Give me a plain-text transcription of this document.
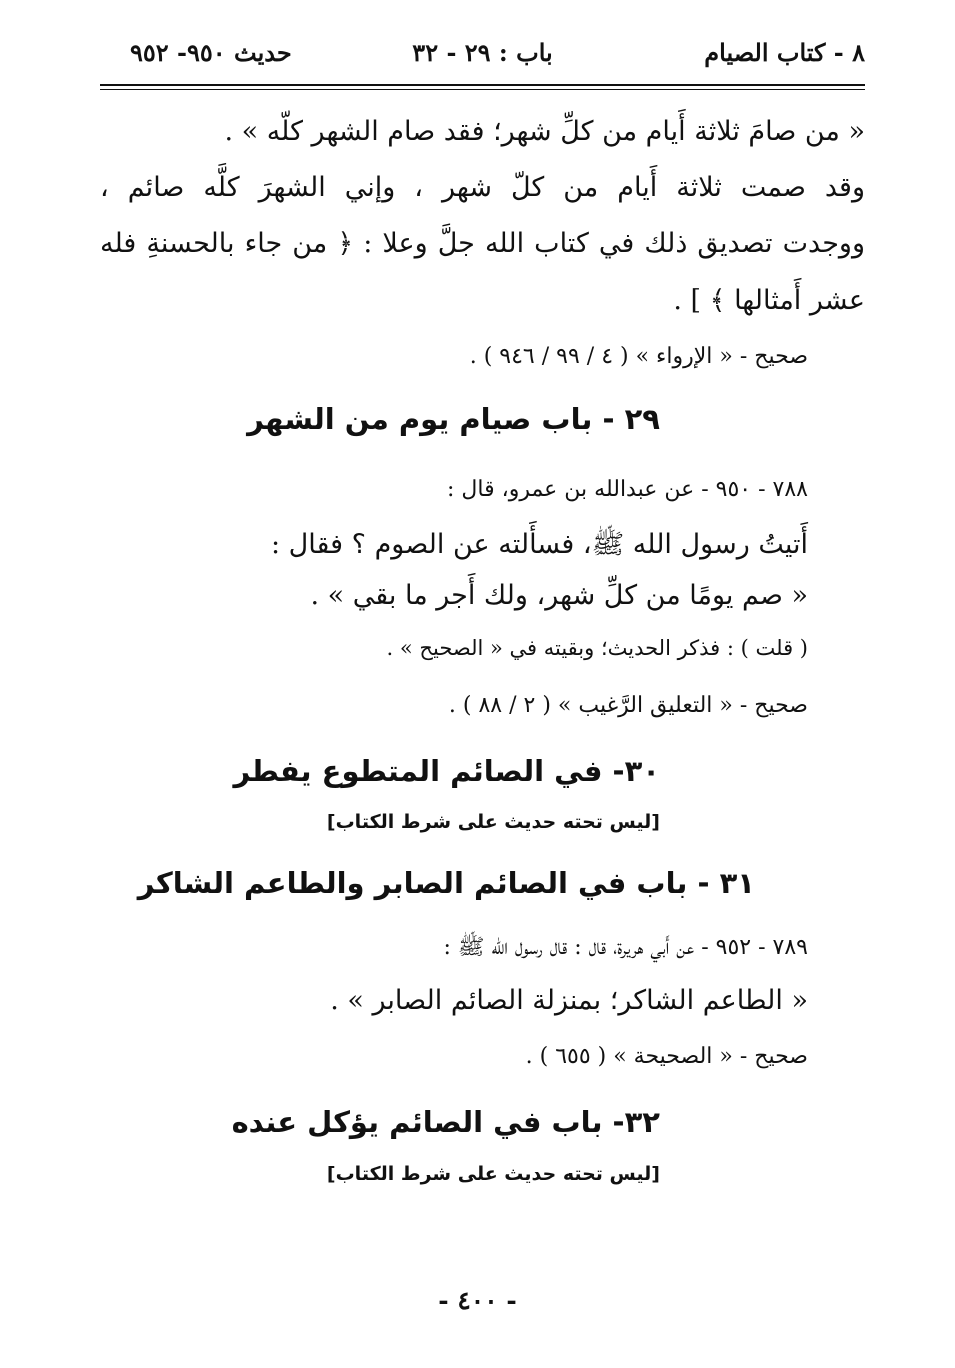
٨ - كتاب الصيام
باب : ٢٩ - ٣٢
حديث ٩٥٠- ٩٥٢
« من صامَ ثلاثة أَيام من كلِّ شهر؛ فقد صام الشهر كلّه » .
وقد صمت ثلاثة أَيام من كلّ شهر ، وإني الشهرَ كلَّه صائم ،
ووجدت تصديق ذلك في كتاب الله جلَّ وعلا : ﴿ من جاء بالحسنةِ فله
عشر أَمثالها ﴾ ] .
صحيح - « الإرواء » ( ٤ / ٩٩ / ٩٤٦ ) .
٢٩ - باب صيام يوم من الشهر
٧٨٨ - ٩٥٠ - عن عبدالله بن عمرو، قال :
أَتيتُ رسول الله ﷺ، فسأَلته عن الصوم ؟ فقال :
« صم يومًا من كلِّ شهر، ولك أَجر ما بقي » .
( قلت ) : فذكر الحديث؛ وبقيته في « الصحيح » .
صحيح - « التعليق الرَّغيب » ( ٢ / ٨٨ ) .
٣٠- في الصائم المتطوع يفطر
[ليس تحته حديث على شرط الكتاب]
٣١ - باب في الصائم الصابر والطاعم الشاكر
٧٨٩ - ٩٥٢ - عن أَبي هريرة، قال : قال رسول الله ﷺ :
« الطاعم الشاكر؛ بمنزلة الصائم الصابر » .
صحيح - « الصحيحة » ( ٦٥٥ ) .
٣٢- باب في الصائم يؤكل عنده
[ليس تحته حديث على شرط الكتاب]
- ٤٠٠ -
